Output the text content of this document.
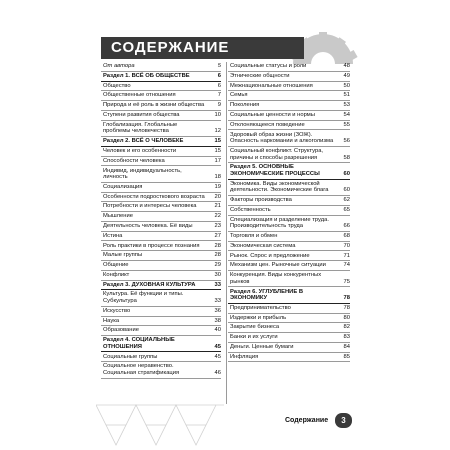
СОДЕРЖАНИЕ
От автора	5
Раздел 1. ВСЁ ОБ ОБЩЕСТВЕ	6
Общество	6
Общественные отношения	7
Природа и её роль в жизни общества	9
Ступени развития общества	10
Глобализация. Глобальные проблемы человечества	12
Раздел 2. ВСЁ О ЧЕЛОВЕКЕ	15
Человек и его особенности	15
Способности человека	17
Индивид, индивидуальность, личность	18
Социализация	19
Особенности подросткового возраста	20
Потребности и интересы человека	21
Мышление	22
Деятельность человека. Её виды	23
Истина	27
Роль практики в процессе познания	28
Малые группы	28
Общение	29
Конфликт	30
Раздел 3. ДУХОВНАЯ КУЛЬТУРА	33
Культура. Её функции и типы. Субкультура	33
Искусство	36
Наука	38
Образование	40
Раздел 4. СОЦИАЛЬНЫЕ ОТНОШЕНИЯ	45
Социальные группы	45
Социальное неравенство. Социальная стратификация	46
Социальные статусы и роли	48
Этнические общности	49
Межнациональные отношения	50
Семья	51
Поколения	53
Социальные ценности и нормы	54
Отклоняющееся поведение	55
Здоровый образ жизни (ЗОЖ). Опасность наркомании и алкоголизма	56
Социальный конфликт. Структура, причины и способы разрешения	58
Раздел 5. ОСНОВНЫЕ ЭКОНОМИЧЕСКИЕ ПРОЦЕССЫ	60
Экономика. Виды экономической деятельности. Экономические блага	60
Факторы производства	62
Собственность	65
Специализация и разделение труда. Производительность труда	66
Торговля и обмен	68
Экономическая система	70
Рынок. Спрос и предложение	71
Механизм цен. Рыночные ситуации	74
Конкуренция. Виды конкурентных рынков	75
Раздел 6. УГЛУБЛЕНИЕ В ЭКОНОМИКУ	78
Предпринимательство	78
Издержки и прибыль	80
Закрытие бизнеса	82
Банки и их услуги	83
Деньги. Ценные бумаги	84
Инфляция	85
Содержание	3
